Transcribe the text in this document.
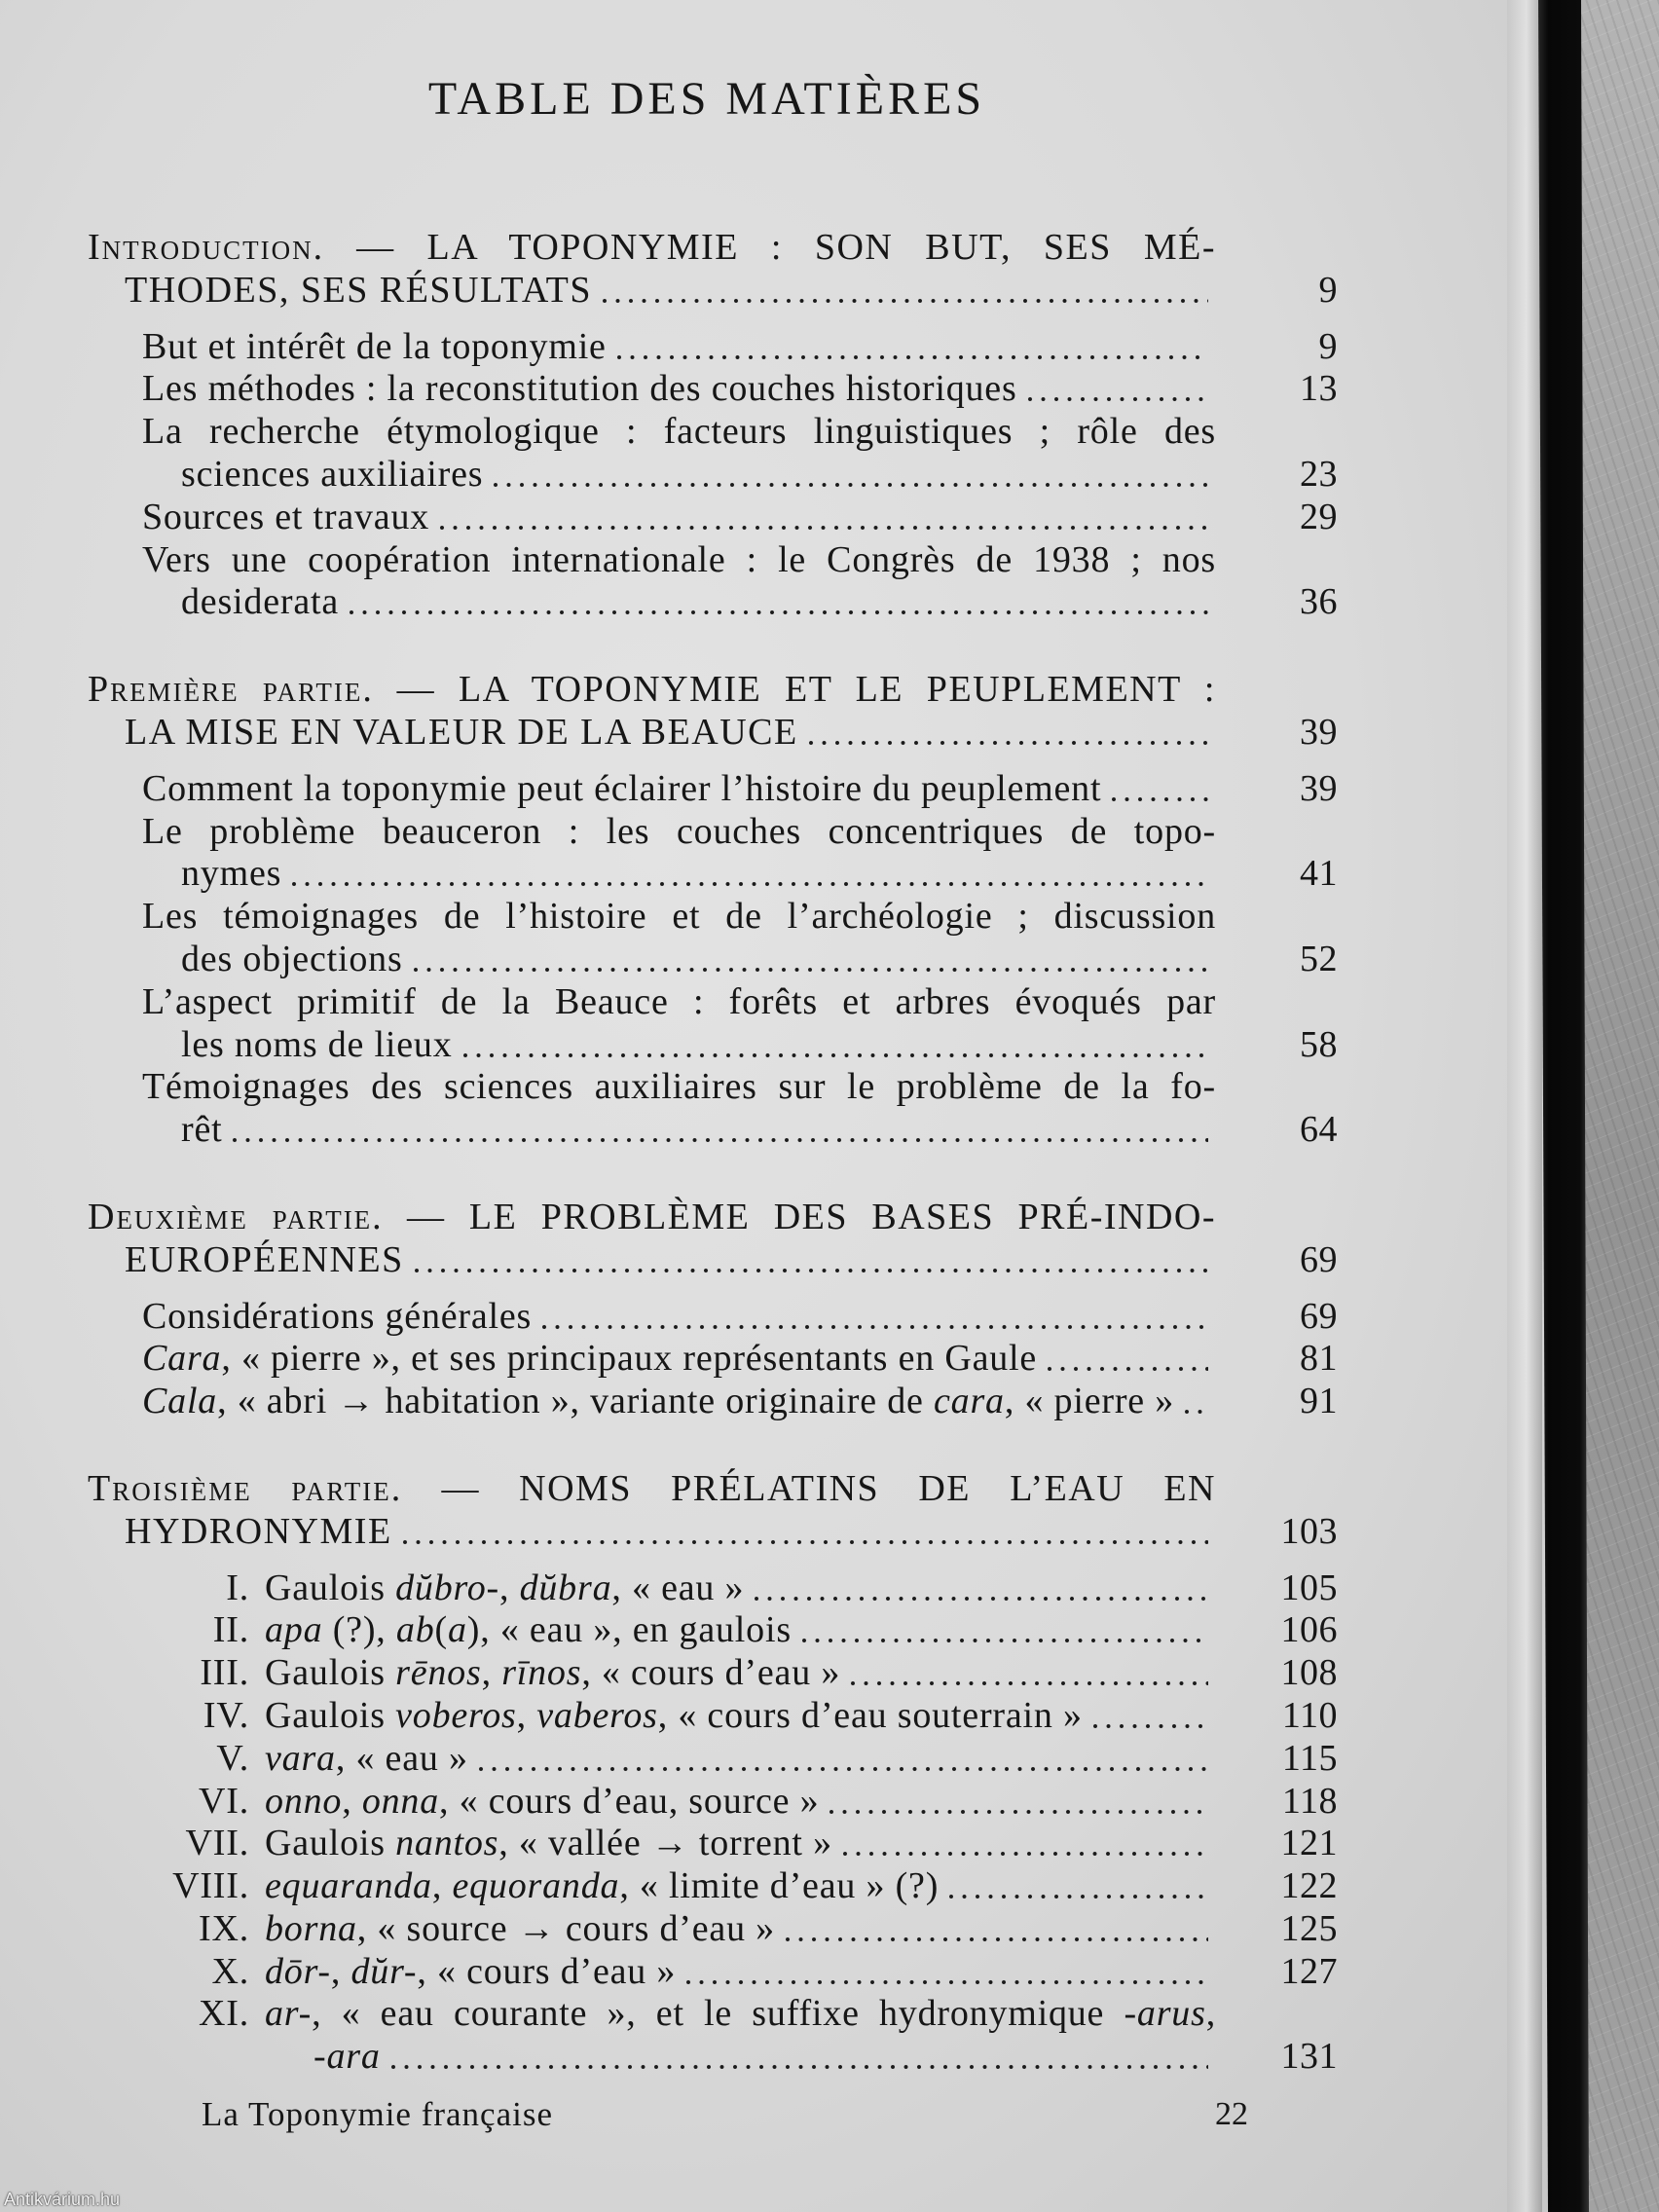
TABLE DES MATIÈRES
Introduction. — LA TOPONYMIE : SON BUT, SES MÉ-
THODES, SES RÉSULTATS	9
But et intérêt de la toponymie	9
Les méthodes : la reconstitution des couches historiques	13
La recherche étymologique : facteurs linguistiques ; rôle des
sciences auxiliaires	23
Sources et travaux	29
Vers une coopération internationale : le Congrès de 1938 ; nos
desiderata	36
Première partie. — LA TOPONYMIE ET LE PEUPLEMENT :
LA MISE EN VALEUR DE LA BEAUCE	39
Comment la toponymie peut éclairer l’histoire du peuplement	39
Le problème beauceron : les couches concentriques de topo-
nymes	41
Les témoignages de l’histoire et de l’archéologie ; discussion
des objections	52
L’aspect primitif de la Beauce : forêts et arbres évoqués par
les noms de lieux	58
Témoignages des sciences auxiliaires sur le problème de la fo-
rêt	64
Deuxième partie. — LE PROBLÈME DES BASES PRÉ-INDO-
EUROPÉENNES	69
Considérations générales	69
Cara, « pierre », et ses principaux représentants en Gaule	81
Cala, « abri → habitation », variante originaire de cara, « pierre »	91
Troisième partie. — NOMS PRÉLATINS DE L’EAU EN
HYDRONYMIE	103
I. Gaulois dŭbro-, dŭbra, « eau »	105
II. apa (?), ab(a), « eau », en gaulois	106
III. Gaulois rēnos, rīnos, « cours d’eau »	108
IV. Gaulois voberos, vaberos, « cours d’eau souterrain »	110
V. vara, « eau »	115
VI. onno, onna, « cours d’eau, source »	118
VII. Gaulois nantos, « vallée → torrent »	121
VIII. equaranda, equoranda, « limite d’eau » (?)	122
IX. borna, « source → cours d’eau »	125
X. dōr-, dŭr-, « cours d’eau »	127
XI. ar-, « eau courante », et le suffixe hydronymique -arus,
-ara	131
La Toponymie française	22
Antikvárium.hu
